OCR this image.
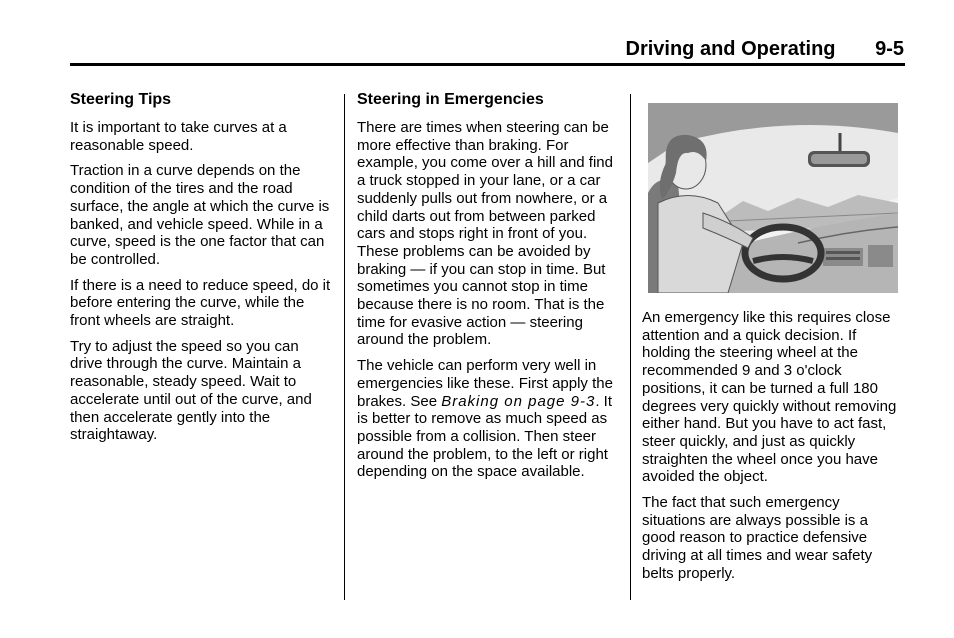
Driving and Operating 9-5
Steering Tips

It is important to take curves at a reasonable speed.

Traction in a curve depends on the condition of the tires and the road surface, the angle at which the curve is banked, and vehicle speed. While in a curve, speed is the one factor that can be controlled.

If there is a need to reduce speed, do it before entering the curve, while the front wheels are straight.

Try to adjust the speed so you can drive through the curve. Maintain a reasonable, steady speed. Wait to accelerate until out of the curve, and then accelerate gently into the straightaway.

Steering in Emergencies

There are times when steering can be more effective than braking. For example, you come over a hill and find a truck stopped in your lane, or a car suddenly pulls out from nowhere, or a child darts out from between parked cars and stops right in front of you. These problems can be avoided by braking — if you can stop in time. But sometimes you cannot stop in time because there is no room. That is the time for evasive action — steering around the problem.

The vehicle can perform very well in emergencies like these. First apply the brakes. See Braking on page 9‑3. It is better to remove as much speed as possible from a collision. Then steer around the problem, to the left or right depending on the space available.

An emergency like this requires close attention and a quick decision. If holding the steering wheel at the recommended 9 and 3 o'clock positions, it can be turned a full 180 degrees very quickly without removing either hand. But you have to act fast, steer quickly, and just as quickly straighten the wheel once you have avoided the object.

The fact that such emergency situations are always possible is a good reason to practice defensive driving at all times and wear safety belts properly.
